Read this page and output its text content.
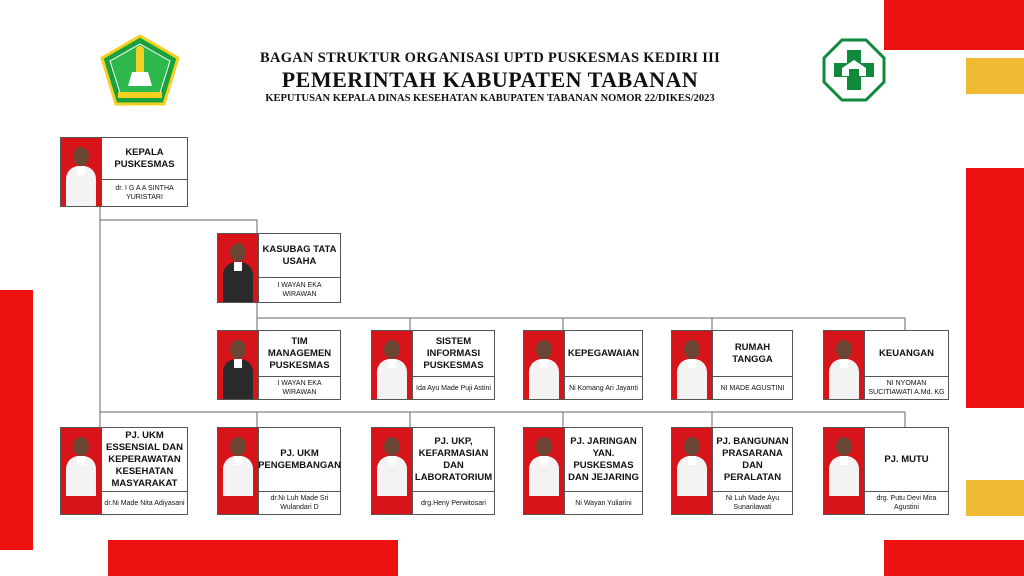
BAGAN STRUKTUR ORGANISASI UPTD PUSKESMAS KEDIRI III
PEMERINTAH KABUPATEN TABANAN
KEPUTUSAN KEPALA DINAS KESEHATAN KABUPATEN TABANAN NOMOR 22/DIKES/2023
KEPALA PUSKESMAS
dr. I G A A SINTHA YURISTARI
KASUBAG TATA USAHA
I WAYAN EKA WIRAWAN
TIM MANAGEMEN PUSKESMAS
I WAYAN EKA WIRAWAN
SISTEM INFORMASI PUSKESMAS
Ida Ayu Made Puji Astini
KEPEGAWAIAN
Ni Komang Ari Jayanti
RUMAH TANGGA
NI MADE AGUSTINI
KEUANGAN
NI NYOMAN SUCITIAWATI A.Md. KG
PJ. UKM ESSENSIAL DAN KEPERAWATAN KESEHATAN MASYARAKAT
dr.Ni Made Nita Adiyasani
PJ. UKM PENGEMBANGAN
dr.Ni Luh Made Sri Wulandari D
PJ. UKP, KEFARMASIAN DAN LABORATORIUM
drg.Heny Perwitosari
PJ. JARINGAN YAN. PUSKESMAS DAN JEJARING
Ni Wayan Yuliarini
PJ. BANGUNAN PRASARANA DAN PERALATAN
Ni Luh Made Ayu Sunarilawati
PJ. MUTU
drg. Putu Devi Mira Agustini
